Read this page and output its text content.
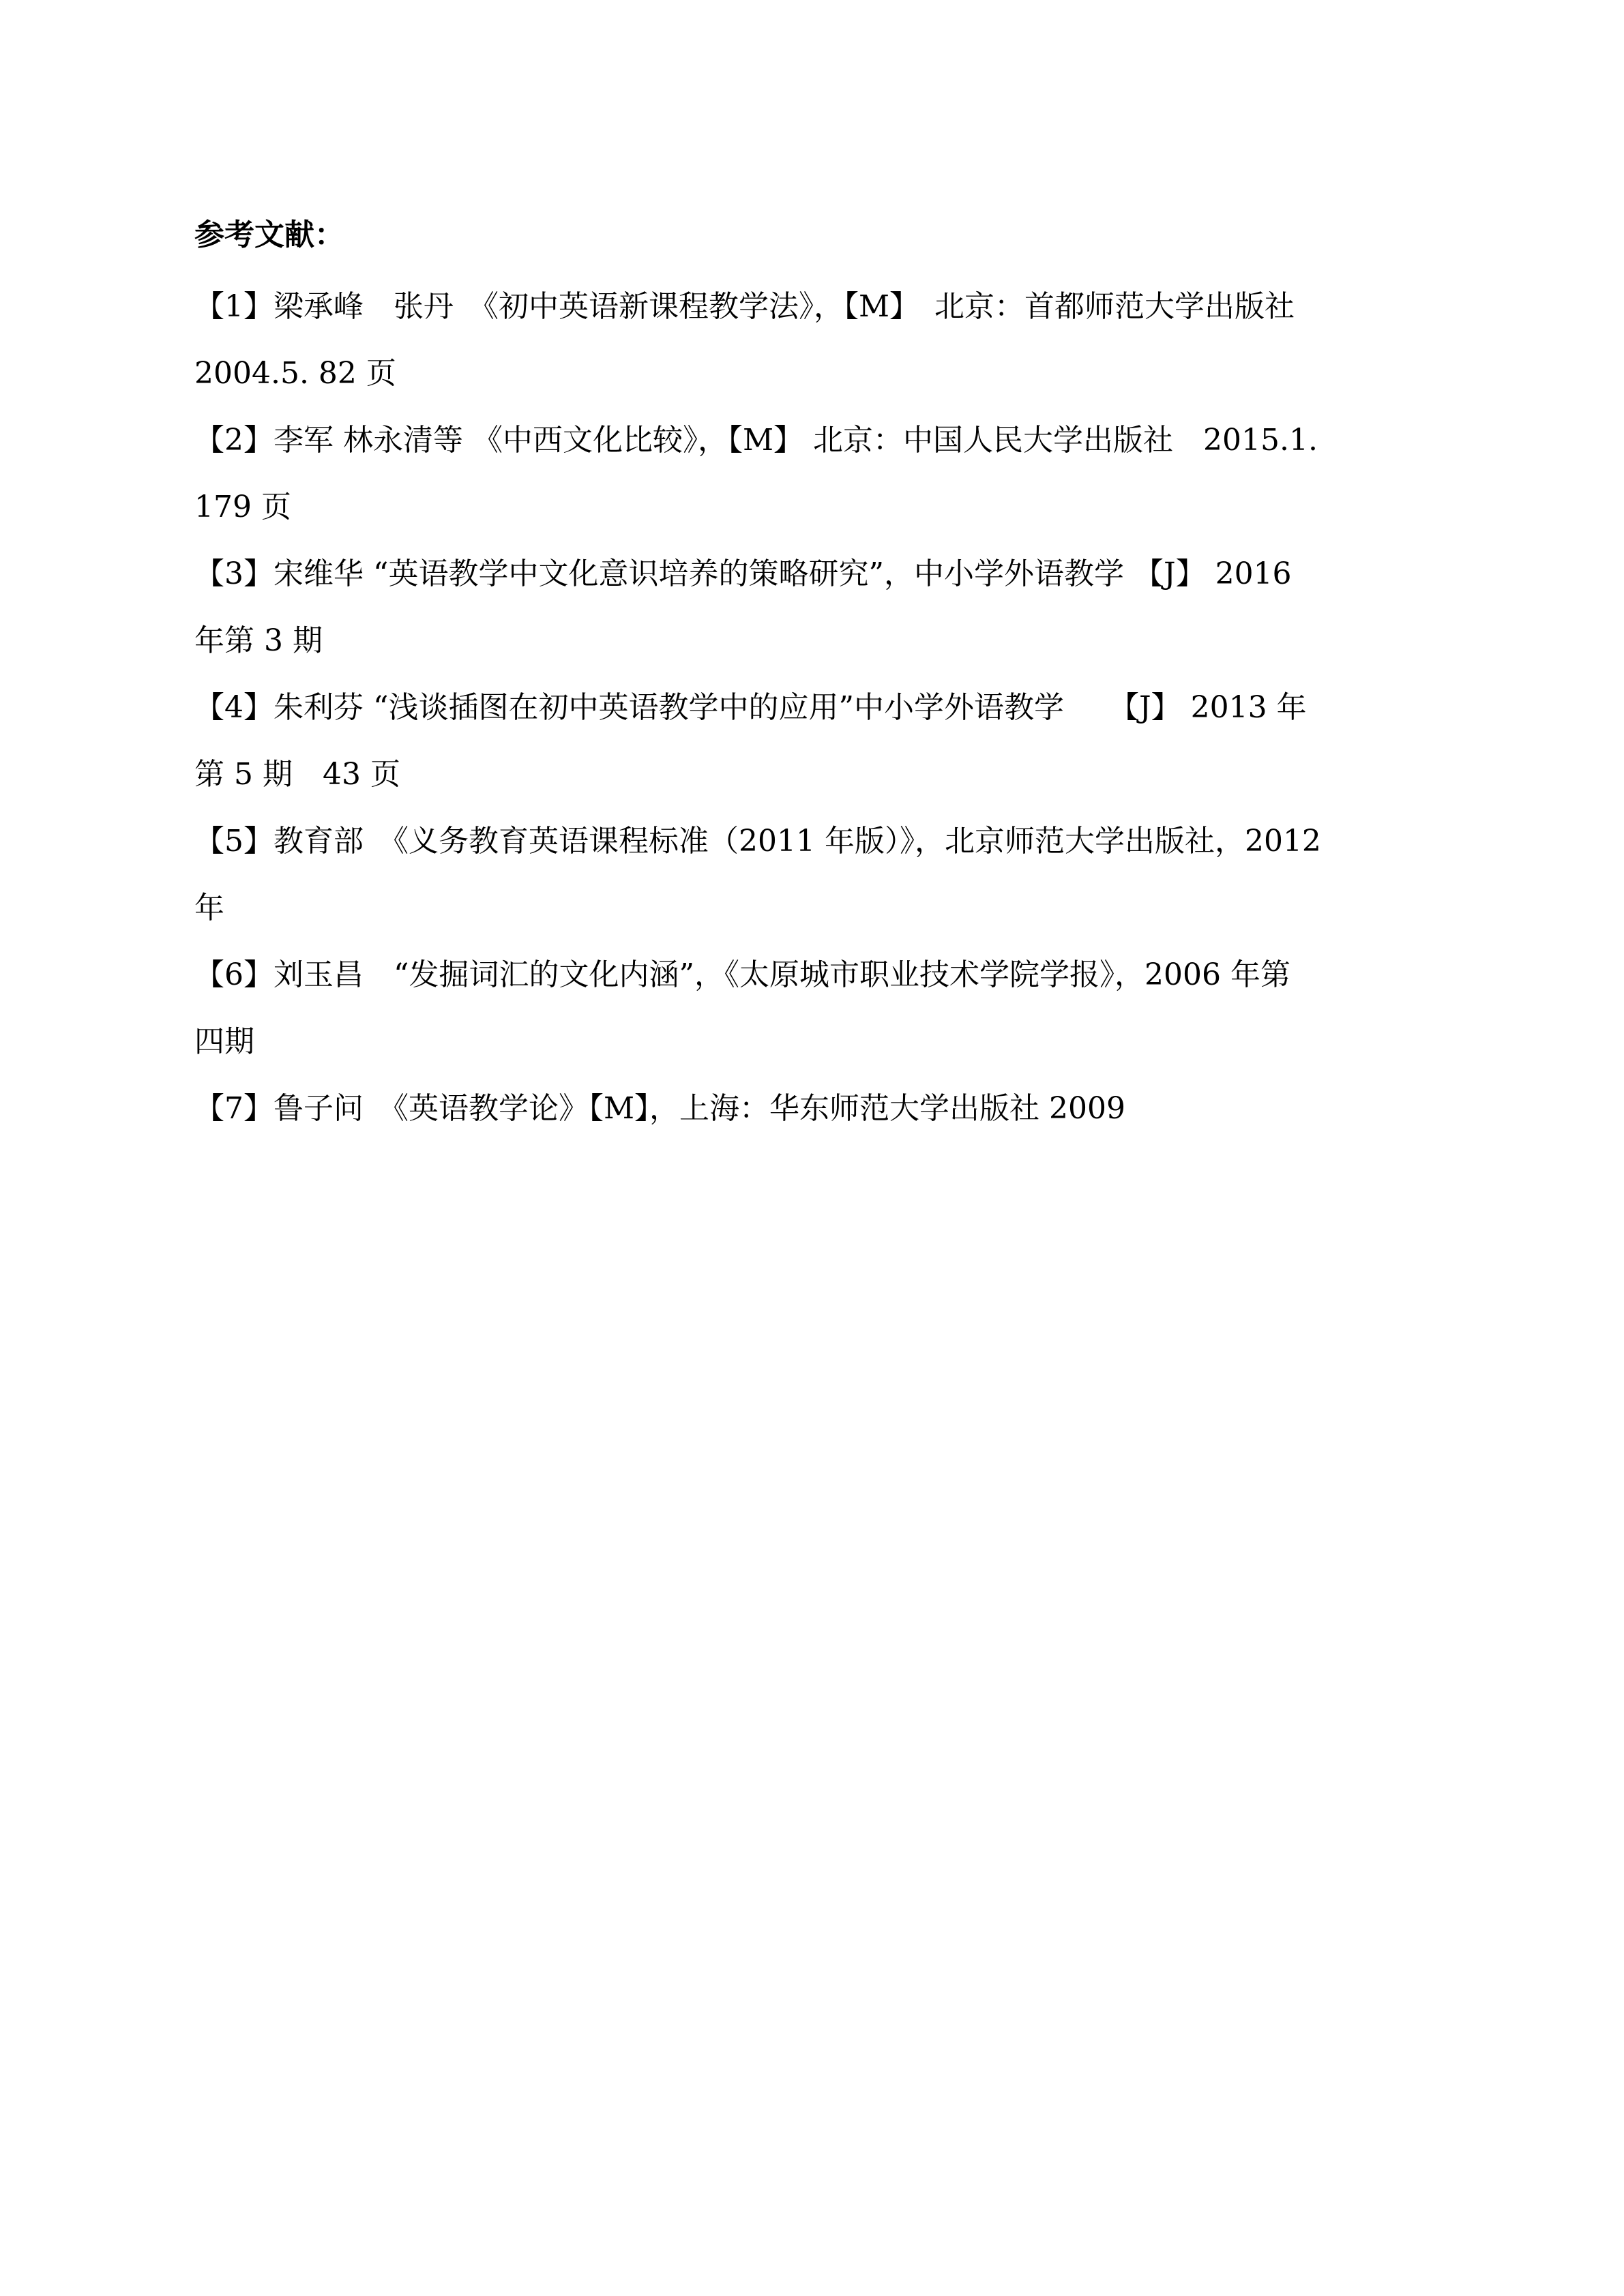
参考文献：
【1】梁承峰　张丹　《初中英语新课程教学法》，【M】　北京：首都师范大学出版社
2004.5. 82 页
【2】李军 林永清等 《中西文化比较》，【M】 北京：中国人民大学出版社　2015.1.
179 页
【3】宋维华 “英语教学中文化意识培养的策略研究”，中小学外语教学 【J】 2016
年第 3 期
【4】朱利芬 “浅谈插图在初中英语教学中的应用”中小学外语教学　　【J】 2013 年
第 5 期　43 页
【5】教育部　《义务教育英语课程标准（2011 年版）》，北京师范大学出版社，2012
年
【6】刘玉昌　“发掘词汇的文化内涵”，《太原城市职业技术学院学报》，2006 年第
四期
【7】鲁子问　《英语教学论》【M】，上海：华东师范大学出版社 2009
